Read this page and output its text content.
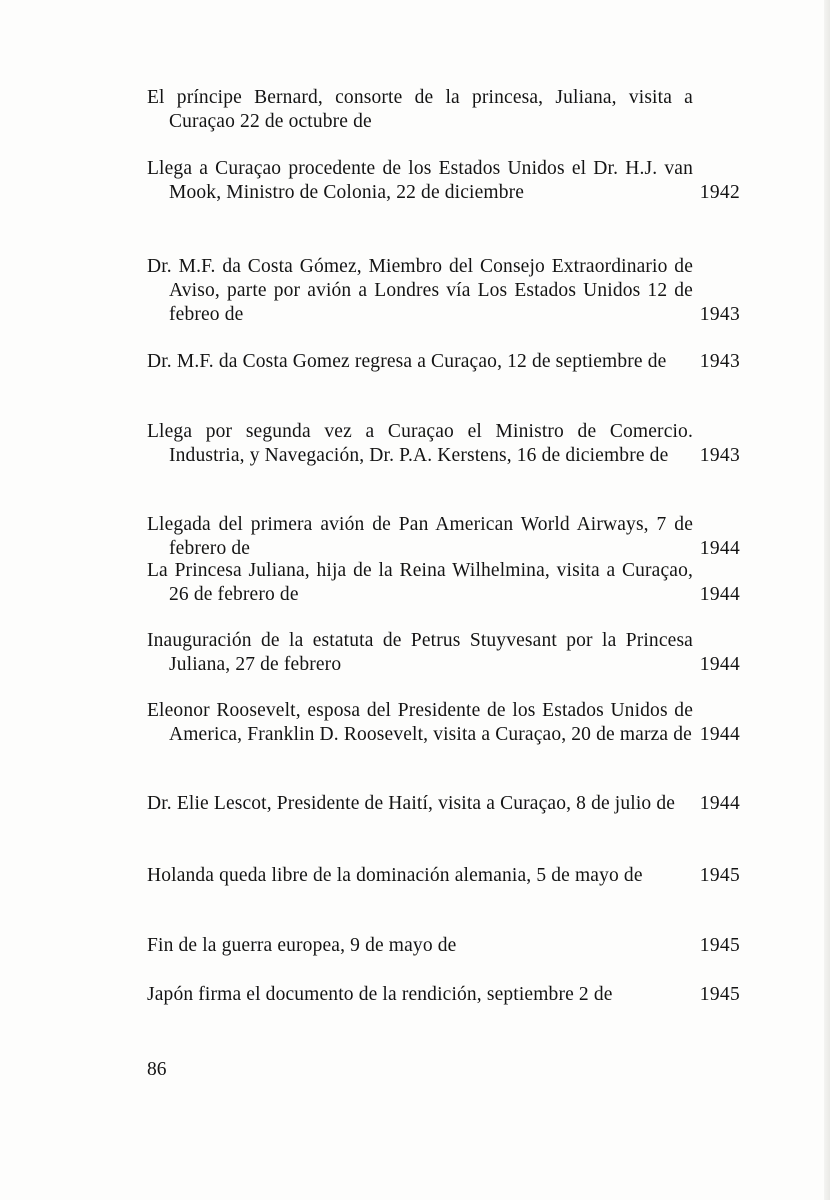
El príncipe Bernard, consorte de la princesa, Juliana, visita a Curaçao 22 de octubre de
Llega a Curaçao procedente de los Estados Unidos el Dr. H.J. van Mook, Ministro de Colonia, 22 de diciembre	1942
Dr. M.F. da Costa Gómez, Miembro del Consejo Extraordinario de Aviso, parte por avión a Londres vía Los Estados Unidos 12 de febreo de	1943
Dr. M.F. da Costa Gomez regresa a Curaçao, 12 de septiembre de	1943
Llega por segunda vez a Curaçao el Ministro de Comercio. Industria, y Navegación, Dr. P.A. Kerstens, 16 de diciembre de	1943
Llegada del primera avión de Pan American World Airways, 7 de febrero de	1944
La Princesa Juliana, hija de la Reina Wilhelmina, visita a Curaçao, 26 de febrero de	1944
Inauguración de la estatuta de Petrus Stuyvesant por la Princesa Juliana, 27 de febrero	1944
Eleonor Roosevelt, esposa del Presidente de los Estados Unidos de America, Franklin D. Roosevelt, visita a Curaçao, 20 de marza de 1944
Dr. Elie Lescot, Presidente de Haití, visita a Curaçao, 8 de julio de	1944
Holanda queda libre de la dominación alemania, 5 de mayo de	1945
Fin de la guerra europea, 9 de mayo de	1945
Japón firma el documento de la rendición, septiembre 2 de	1945
86
